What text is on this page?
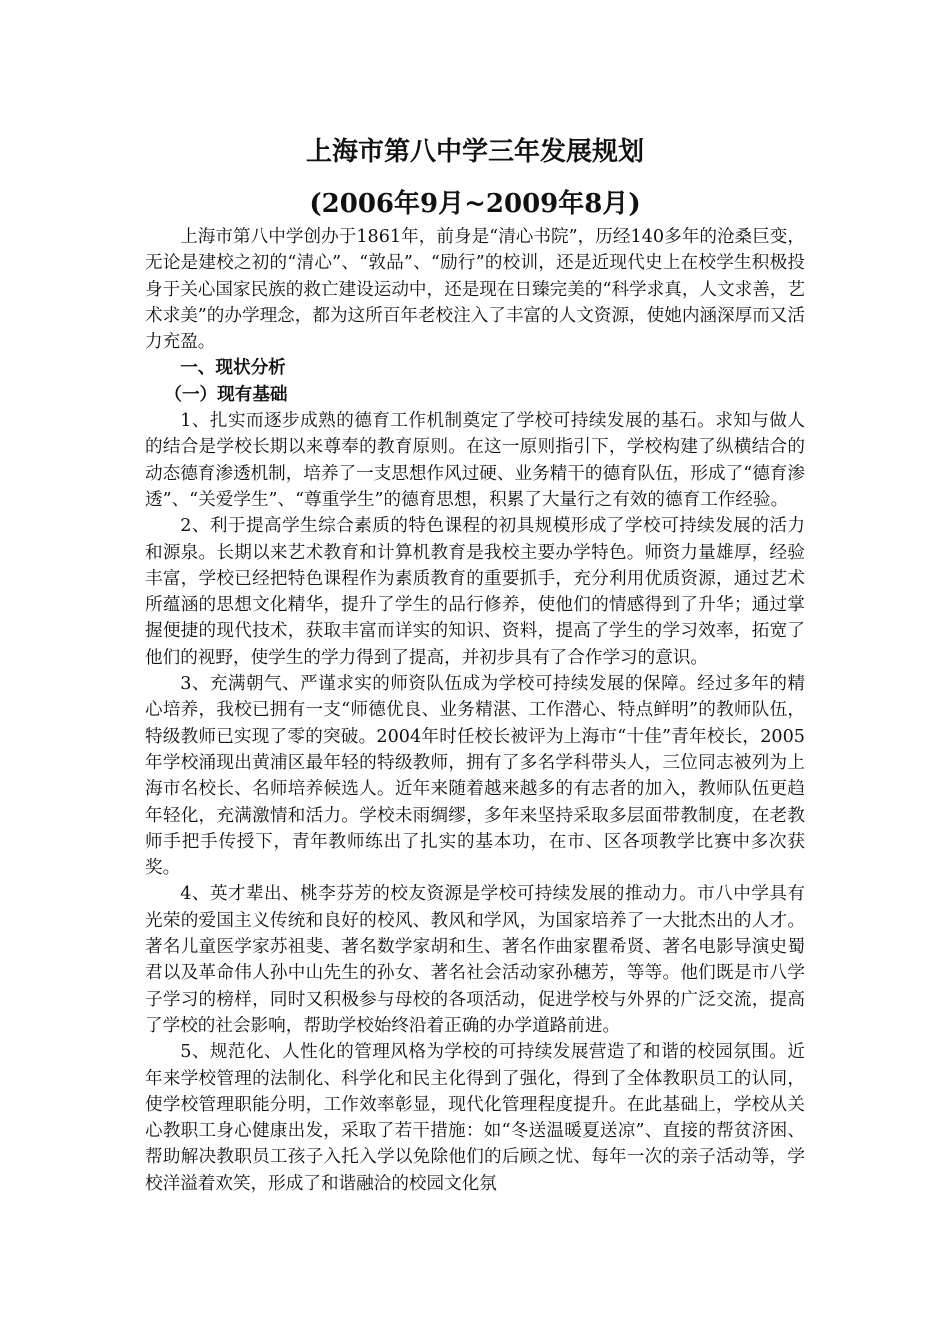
上海市第八中学三年发展规划
(2006年9月~2009年8月)

上海市第八中学创办于1861年，前身是“清心书院”，历经140多年的沧桑巨变，无论是建校之初的“清心”、“敦品”、“励行”的校训，还是近现代史上在校学生积极投身于关心国家民族的救亡建设运动中，还是现在日臻完美的“科学求真，人文求善，艺术求美”的办学理念，都为这所百年老校注入了丰富的人文资源，使她内涵深厚而又活力充盈。

一、现状分析

（一）现有基础

1、扎实而逐步成熟的德育工作机制奠定了学校可持续发展的基石。求知与做人的结合是学校长期以来尊奉的教育原则。在这一原则指引下，学校构建了纵横结合的动态德育渗透机制，培养了一支思想作风过硬、业务精干的德育队伍，形成了“德育渗透”、“关爱学生”、“尊重学生”的德育思想，积累了大量行之有效的德育工作经验。

2、利于提高学生综合素质的特色课程的初具规模形成了学校可持续发展的活力和源泉。长期以来艺术教育和计算机教育是我校主要办学特色。师资力量雄厚，经验丰富，学校已经把特色课程作为素质教育的重要抓手，充分利用优质资源，通过艺术所蕴涵的思想文化精华，提升了学生的品行修养，使他们的情感得到了升华；通过掌握便捷的现代技术，获取丰富而详实的知识、资料，提高了学生的学习效率，拓宽了他们的视野，使学生的学力得到了提高，并初步具有了合作学习的意识。

3、充满朝气、严谨求实的师资队伍成为学校可持续发展的保障。经过多年的精心培养，我校已拥有一支“师德优良、业务精湛、工作潜心、特点鲜明”的教师队伍，特级教师已实现了零的突破。2004年时任校长被评为上海市“十佳”青年校长，2005年学校涌现出黄浦区最年轻的特级教师，拥有了多名学科带头人，三位同志被列为上海市名校长、名师培养候选人。近年来随着越来越多的有志者的加入，教师队伍更趋年轻化，充满激情和活力。学校未雨绸缪，多年来坚持采取多层面带教制度，在老教师手把手传授下，青年教师练出了扎实的基本功，在市、区各项教学比赛中多次获奖。

4、英才辈出、桃李芬芳的校友资源是学校可持续发展的推动力。市八中学具有光荣的爱国主义传统和良好的校风、教风和学风，为国家培养了一大批杰出的人才。著名儿童医学家苏祖斐、著名数学家胡和生、著名作曲家瞿希贤、著名电影导演史蜀君以及革命伟人孙中山先生的孙女、著名社会活动家孙穗芳，等等。他们既是市八学子学习的榜样，同时又积极参与母校的各项活动，促进学校与外界的广泛交流，提高了学校的社会影响，帮助学校始终沿着正确的办学道路前进。

5、规范化、人性化的管理风格为学校的可持续发展营造了和谐的校园氛围。近年来学校管理的法制化、科学化和民主化得到了强化，得到了全体教职员工的认同，使学校管理职能分明，工作效率彰显，现代化管理程度提升。在此基础上，学校从关心教职工身心健康出发，采取了若干措施：如“冬送温暖夏送凉”、直接的帮贫济困、帮助解决教职员工孩子入托入学以免除他们的后顾之忧、每年一次的亲子活动等，学校洋溢着欢笑，形成了和谐融洽的校园文化氛
